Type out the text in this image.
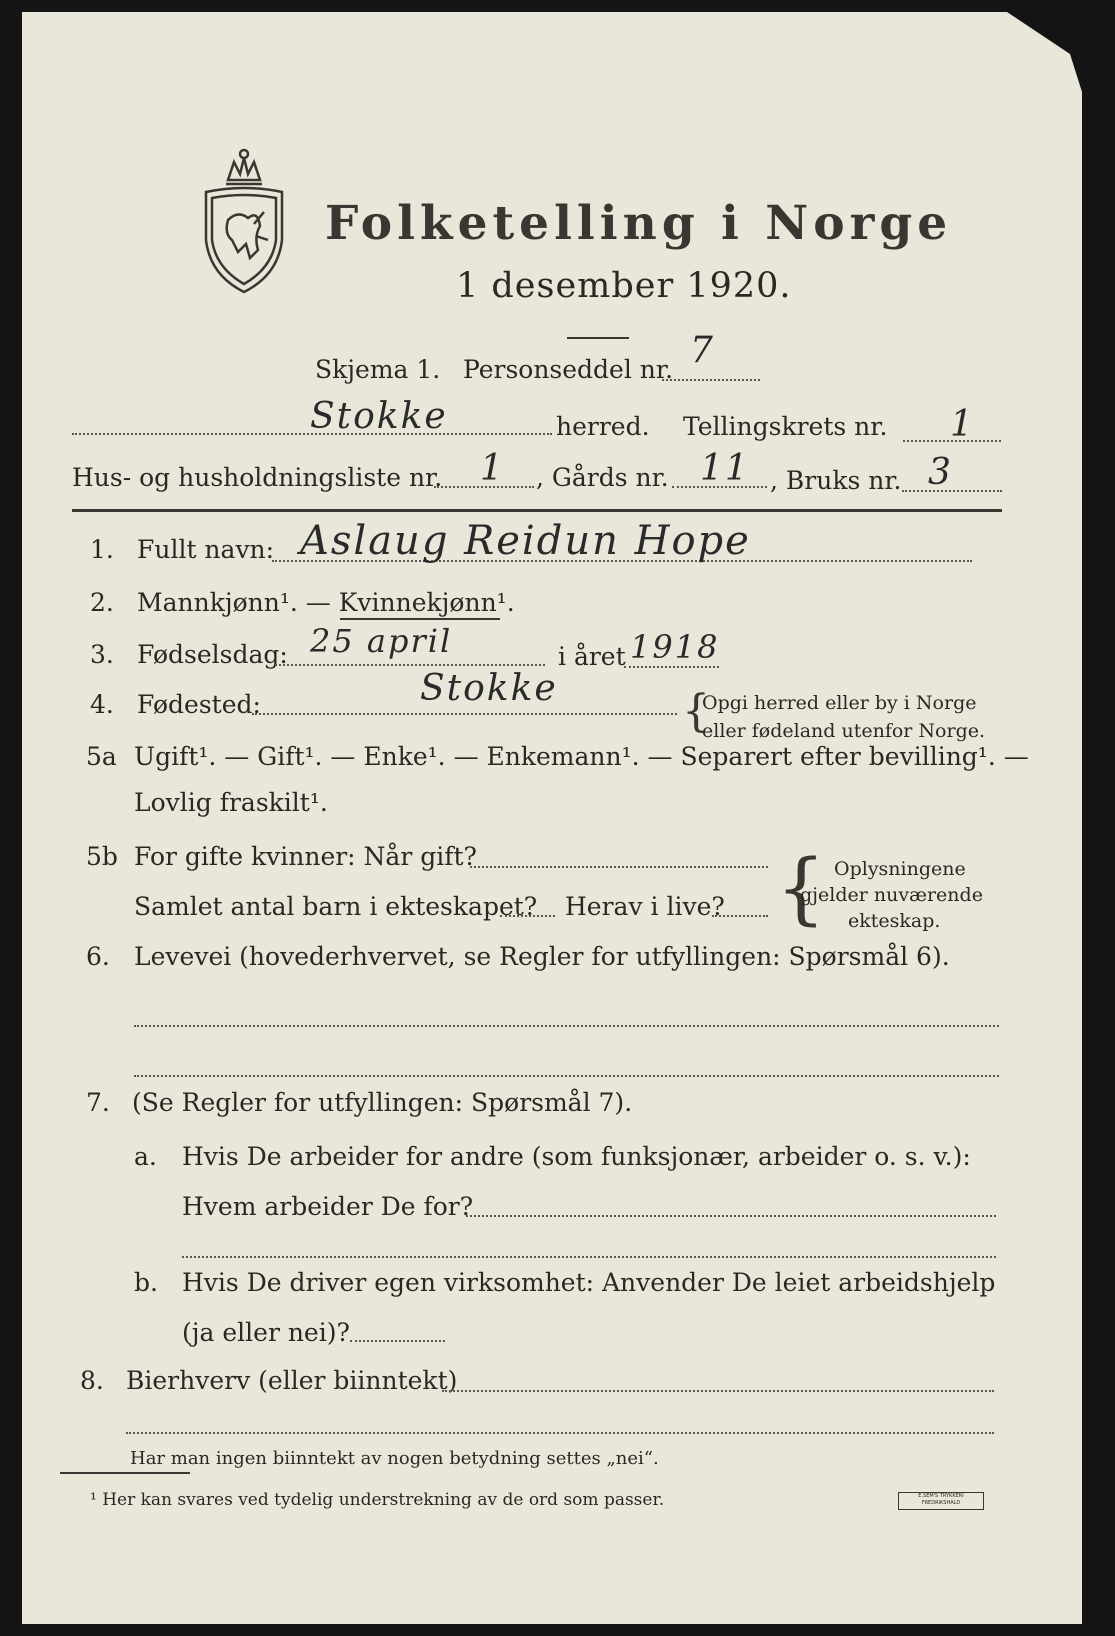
Folketelling i Norge
1 desember 1920.
Skjema 1. Personseddel nr. 7
Stokke	herred. Tellingskrets nr. 1
Hus- og husholdningsliste nr. 1 , Gårds nr. 11 , Bruks nr. 3
1. Fullt navn: Aslaug Reidun Hope
2. Mannkjønn¹. — Kvinnekjønn¹.
3. Fødselsdag: 25 april	i året 1918
4. Fødested:	Stokke	{
Opgi herred eller by i Norge
eller fødeland utenfor Norge.
5a Ugift¹. — Gift¹. — Enke¹. — Enkemann¹. — Separert efter bevilling¹. —
Lovlig fraskilt¹.
5b For gifte kvinner: Når gift?
Samlet antal barn i ekteskapet? Herav i live? { Oplysningene
gjelder nuværende
ekteskap.
6. Levevei (hovederhvervet, se Regler for utfyllingen: Spørsmål 6).
7. (Se Regler for utfyllingen: Spørsmål 7).
a. Hvis De arbeider for andre (som funksjonær, arbeider o. s. v.):
Hvem arbeider De for?
b. Hvis De driver egen virksomhet: Anvender De leiet arbeidshjelp
(ja eller nei)?
8. Bierhverv (eller biinntekt)
Har man ingen biinntekt av nogen betydning settes „nei“.
¹ Her kan svares ved tydelig understrekning av de ord som passer.	E.SEM'S TRYKKERI FREDRIKSHALD
